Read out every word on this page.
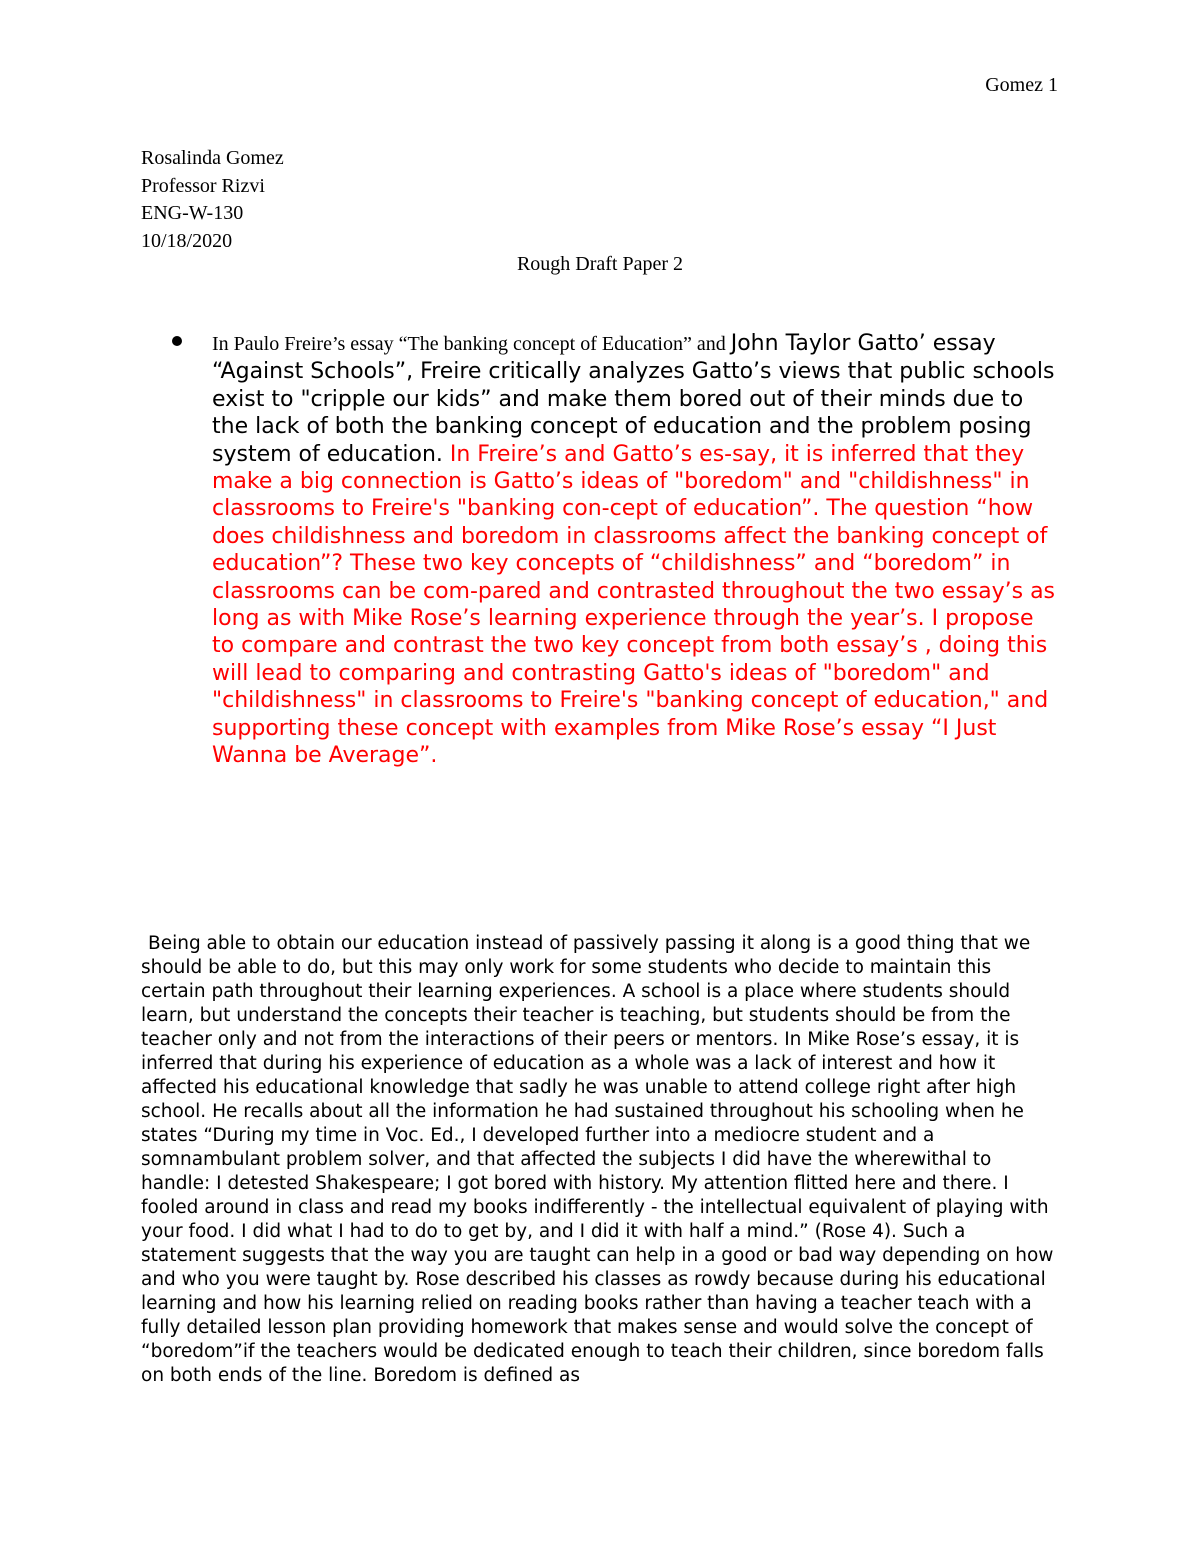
Gomez 1
Rosalinda Gomez
Professor Rizvi
ENG-W-130
10/18/2020
Rough Draft Paper 2
In Paulo Freire’s essay “The banking concept of Education” and John Taylor Gatto’ essay “Against Schools”, Freire critically analyzes Gatto’s views that public schools exist to "cripple our kids” and make them bored out of their minds due to the lack of both the banking concept of education and the problem posing system of education. In Freire’s and Gatto’s es-say, it is inferred that they make a big connection is Gatto’s ideas of "boredom" and "childishness" in classrooms to Freire's "banking con-cept of education”. The question “how does childishness and boredom in classrooms affect the banking concept of education”? These two key concepts of “childishness” and “boredom” in classrooms can be com-pared and contrasted throughout the two essay’s as long as with Mike Rose’s learning experience through the year’s. I propose to compare and contrast the two key concept from both essay’s , doing this will lead to comparing and contrasting Gatto's ideas of "boredom" and "childishness" in classrooms to Freire's "banking concept of education," and supporting these concept with examples from Mike Rose’s essay “I Just Wanna be Average”.

Being able to obtain our education instead of passively passing it along is a good thing that we should be able to do, but this may only work for some students who decide to maintain this certain path throughout their learning experiences. A school is a place where students should learn, but understand the concepts their teacher is teaching, but students should be from the teacher only and not from the interactions of their peers or mentors. In Mike Rose’s essay, it is inferred that during his experience of education as a whole was a lack of interest and how it affected his educational knowledge that sadly he was unable to attend college right after high school. He recalls about all the information he had sustained throughout his schooling when he states “During my time in Voc. Ed., I developed further into a mediocre student and a somnambulant problem solver, and that affected the subjects I did have the wherewithal to handle: I detested Shakespeare; I got bored with history. My attention flitted here and there. I fooled around in class and read my books indifferently - the intellectual equivalent of playing with your food. I did what I had to do to get by, and I did it with half a mind.” (Rose 4). Such a statement suggests that the way you are taught can help in a good or bad way depending on how and who you were taught by. Rose described his classes as rowdy because during his educational learning and how his learning relied on reading books rather than having a teacher teach with a fully detailed lesson plan providing homework that makes sense and would solve the concept of “boredom”if the teachers would be dedicated enough to teach their children, since boredom falls on both ends of the line. Boredom is defined as
